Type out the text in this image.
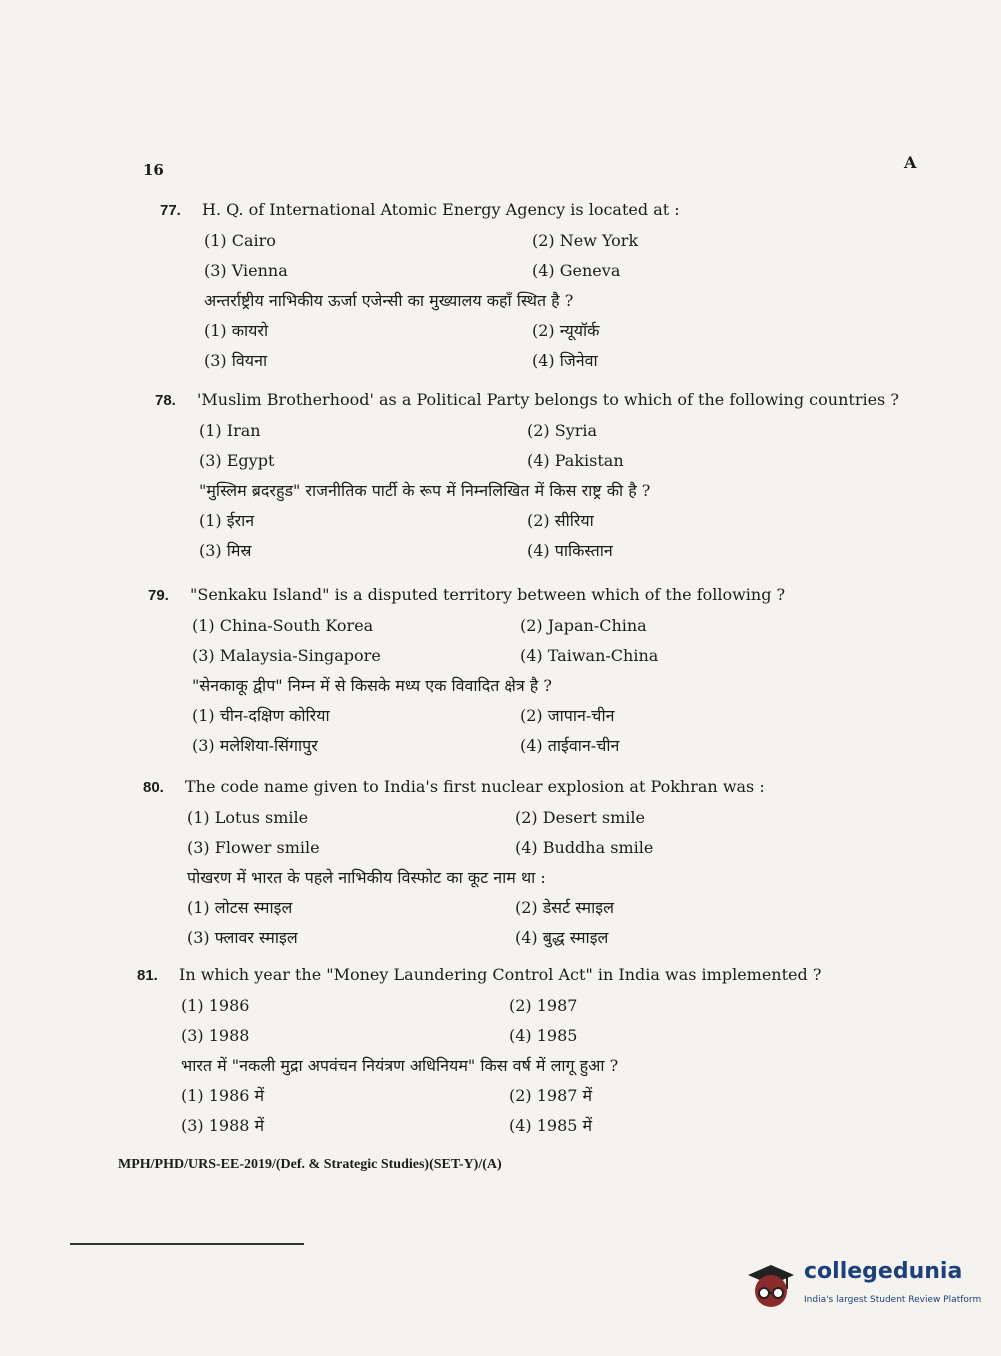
16	A
77. H. Q. of International Atomic Energy Agency is located at :
(1) Cairo	(2) New York
(3) Vienna	(4) Geneva
अन्तर्राष्ट्रीय नाभिकीय ऊर्जा एजेन्सी का मुख्यालय कहाँ स्थित है ?
(1) कायरो	(2) न्यूयॉर्क
(3) वियना	(4) जिनेवा
78. 'Muslim Brotherhood' as a Political Party belongs to which of the following countries ?
(1) Iran	(2) Syria
(3) Egypt	(4) Pakistan
"मुस्लिम ब्रदरहुड" राजनीतिक पार्टी के रूप में निम्नलिखित में किस राष्ट्र की है ?
(1) ईरान	(2) सीरिया
(3) मिस्र	(4) पाकिस्तान
79. "Senkaku Island" is a disputed territory between which of the following ?
(1) China-South Korea	(2) Japan-China
(3) Malaysia-Singapore	(4) Taiwan-China
"सेनकाकू द्वीप" निम्न में से किसके मध्य एक विवादित क्षेत्र है ?
(1) चीन-दक्षिण कोरिया	(2) जापान-चीन
(3) मलेशिया-सिंगापुर	(4) ताईवान-चीन
80. The code name given to India's first nuclear explosion at Pokhran was :
(1) Lotus smile	(2) Desert smile
(3) Flower smile	(4) Buddha smile
पोखरण में भारत के पहले नाभिकीय विस्फोट का कूट नाम था :
(1) लोटस स्माइल	(2) डेसर्ट स्माइल
(3) फ्लावर स्माइल	(4) बुद्ध स्माइल
81. In which year the "Money Laundering Control Act" in India was implemented ?
(1) 1986	(2) 1987
(3) 1988	(4) 1985
भारत में "नकली मुद्रा अपवंचन नियंत्रण अधिनियम" किस वर्ष में लागू हुआ ?
(1) 1986 में	(2) 1987 में
(3) 1988 में	(4) 1985 में
MPH/PHD/URS-EE-2019/(Def. & Strategic Studies)(SET-Y)/(A)
collegedunia
India's largest Student Review Platform
